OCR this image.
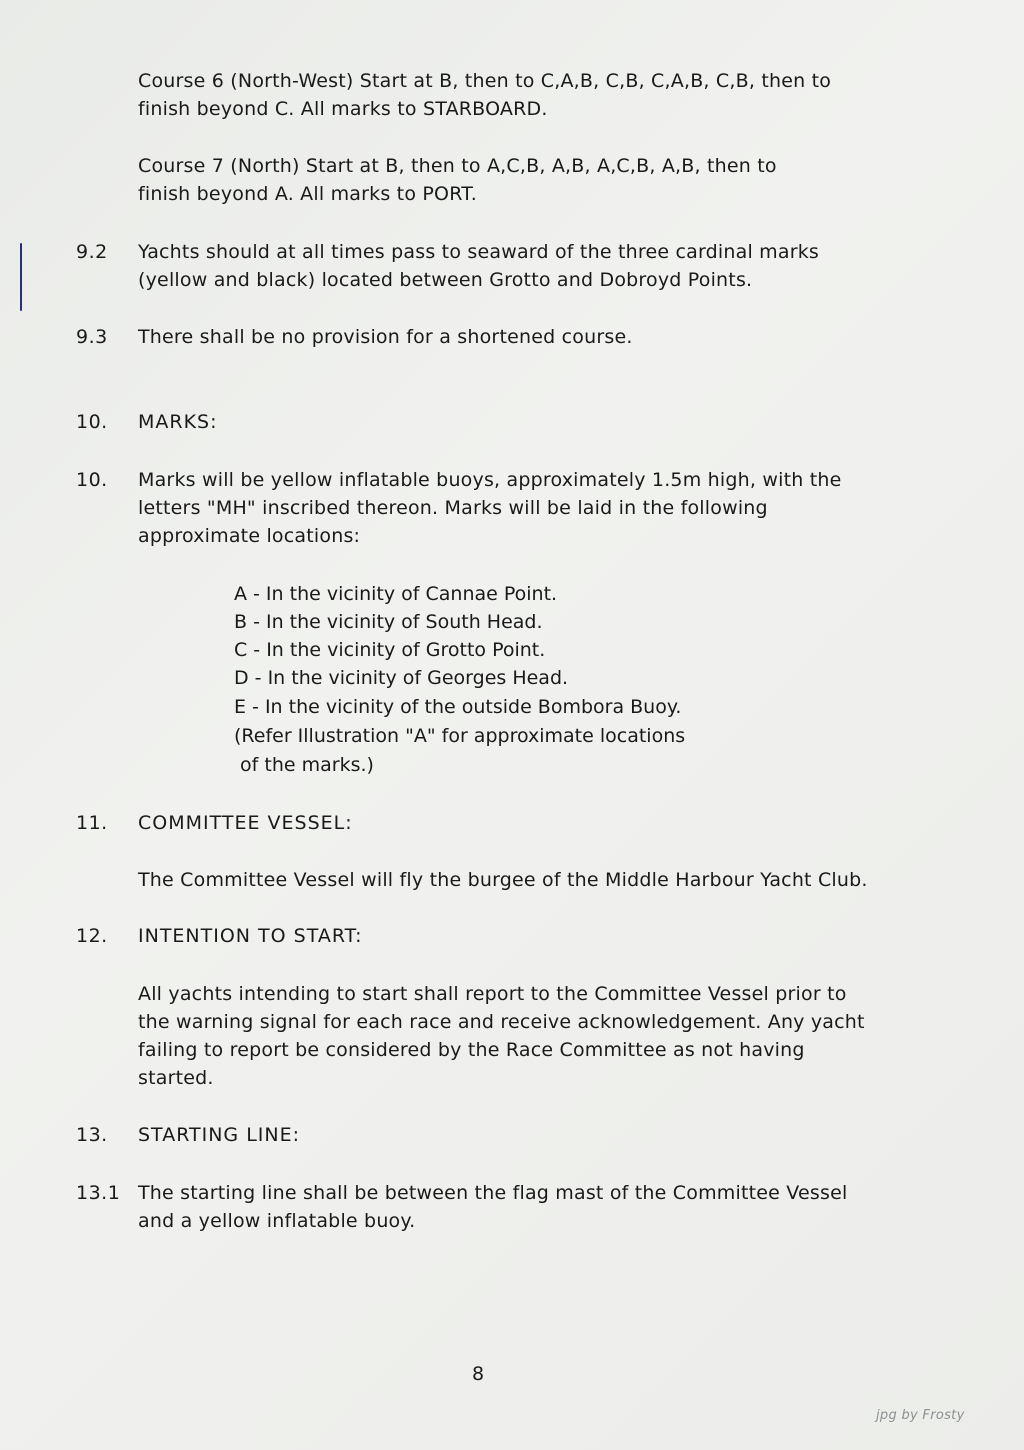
Course 6 (North-West) Start at B, then to C,A,B, C,B, C,A,B, C,B, then to
finish beyond C. All marks to STARBOARD.
Course 7 (North) Start at B, then to A,C,B, A,B, A,C,B, A,B, then to
finish beyond A. All marks to PORT.
9.2 Yachts should at all times pass to seaward of the three cardinal marks
(yellow and black) located between Grotto and Dobroyd Points.
9.3 There shall be no provision for a shortened course.
10. MARKS:
10. Marks will be yellow inflatable buoys, approximately 1.5m high, with the
letters "MH" inscribed thereon. Marks will be laid in the following
approximate locations:
A - In the vicinity of Cannae Point.
B - In the vicinity of South Head.
C - In the vicinity of Grotto Point.
D - In the vicinity of Georges Head.
E - In the vicinity of the outside Bombora Buoy.
(Refer Illustration "A" for approximate locations
of the marks.)
11. COMMITTEE VESSEL:
The Committee Vessel will fly the burgee of the Middle Harbour Yacht Club.
12. INTENTION TO START:
All yachts intending to start shall report to the Committee Vessel prior to
the warning signal for each race and receive acknowledgement. Any yacht
failing to report be considered by the Race Committee as not having
started.
13. STARTING LINE:
13.1 The starting line shall be between the flag mast of the Committee Vessel
and a yellow inflatable buoy.
8
jpg by Frosty
